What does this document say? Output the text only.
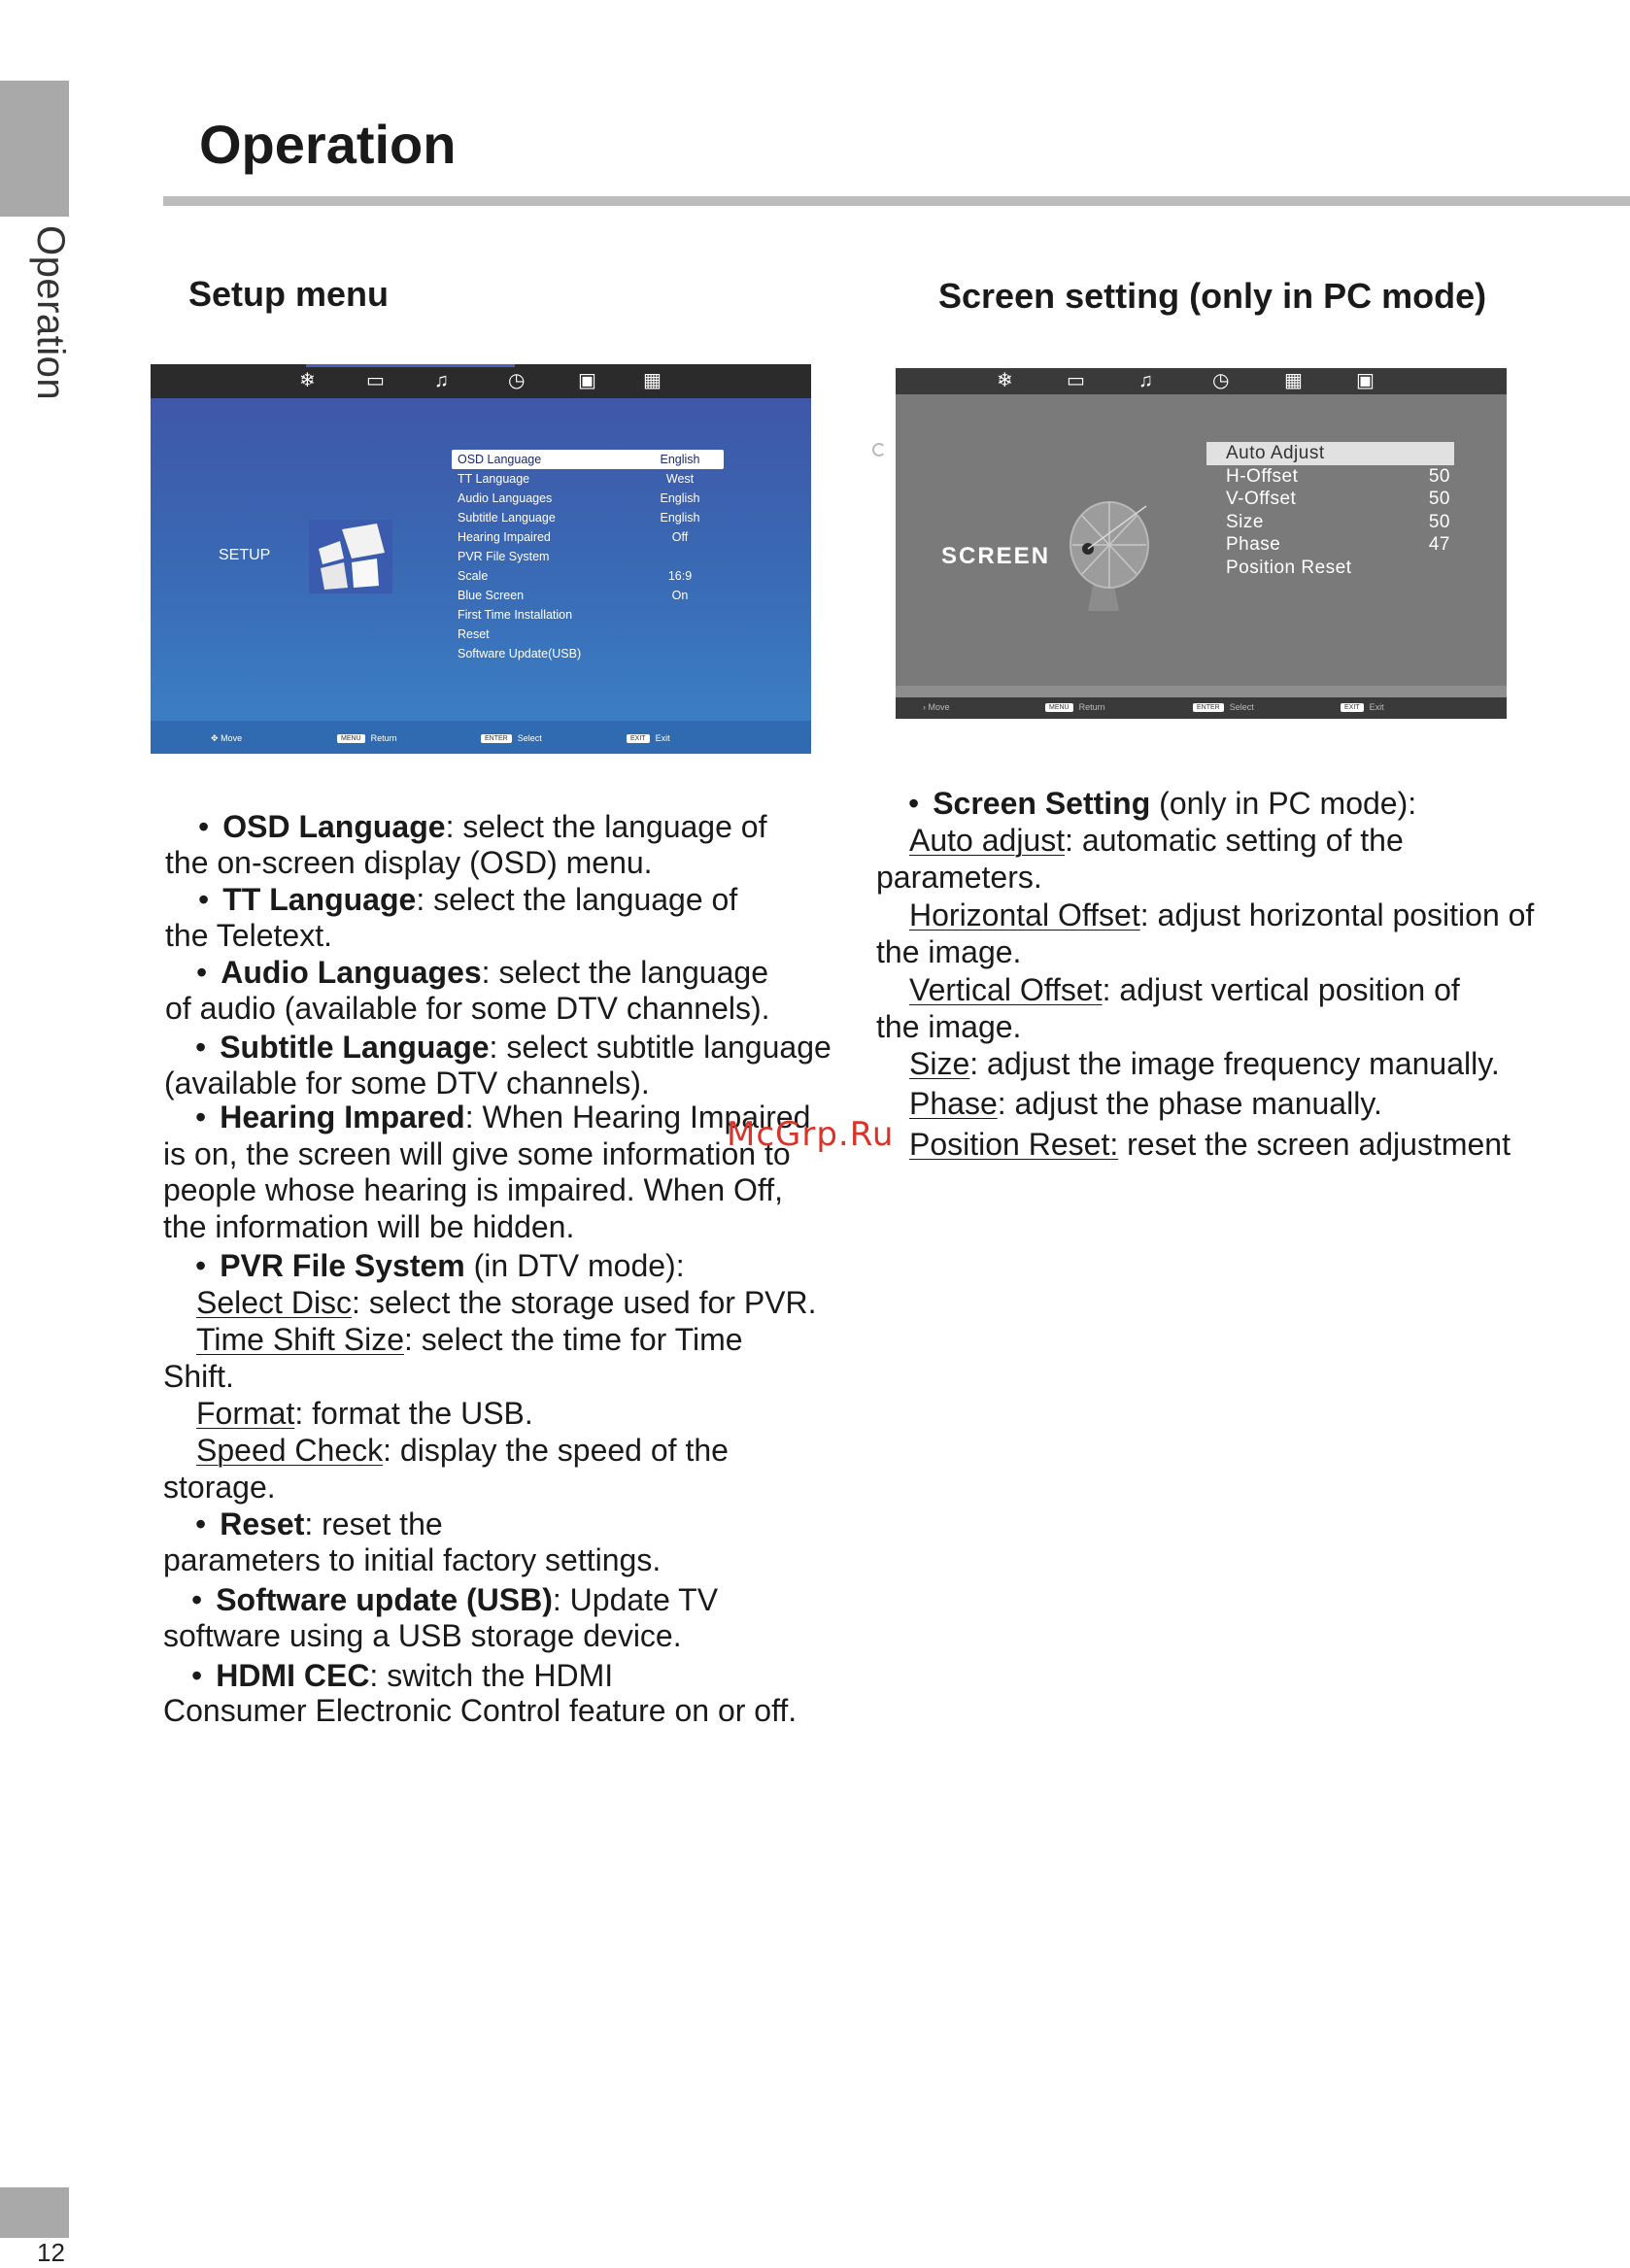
Operation
12
Operation
Setup menu	Screen setting (only in PC mode)
❄	▭	♫	◷	▣ ▦
SETUP
OSD Language	English
TT Language	West
Audio Languages	English
Subtitle Language	English
Hearing Impaired	Off
PVR File System
Scale	16:9
Blue Screen	On
First Time Installation
Reset
Software Update(USB)
✥ Move	MENU Return	ENTER Select	EXIT Exit
❄	▭	♫	◷	▦	▣
SCREEN
Auto Adjust
H-Offset	50
V-Offset	50
Size	50
Phase	47
Position Reset
› Move	MENU Return	ENTER Select	EXIT Exit
• OSD Language: select the language of
the on-screen display (OSD) menu.
• TT Language: select the language of
the Teletext.
• Audio Languages: select the language
of audio (available for some DTV channels).
• Subtitle Language: select subtitle language
(available for some DTV channels).
• Hearing Impared: When Hearing Impaired
is on, the screen will give some information to
people whose hearing is impaired. When Off,
the information will be hidden.
• PVR File System (in DTV mode):
Select Disc: select the storage used for PVR.
Time Shift Size: select the time for Time
Shift.
Format: format the USB.
Speed Check: display the speed of the
storage.
• Reset: reset the
parameters to initial factory settings.
• Software update (USB): Update TV
software using a USB storage device.
• HDMI CEC: switch the HDMI
Consumer Electronic Control feature on or off.
• Screen Setting (only in PC mode):
Auto adjust: automatic setting of the
parameters.
Horizontal Offset: adjust horizontal position of
the image.
Vertical Offset: adjust vertical position of
the image.
Size: adjust the image frequency manually.
Phase: adjust the phase manually.
Position Reset: reset the screen adjustment
McGrp.Ru
